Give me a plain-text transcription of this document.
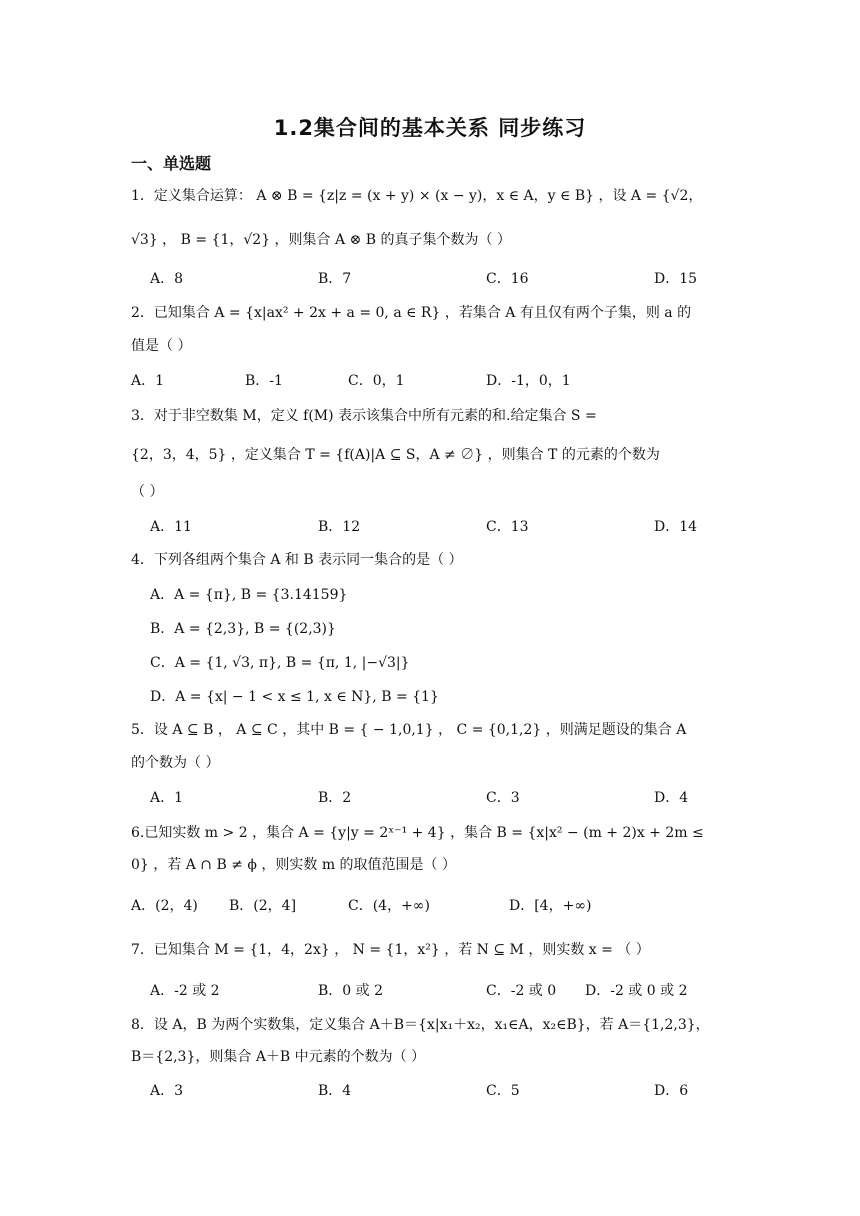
1.2集合间的基本关系 同步练习
一、单选题
1．定义集合运算： A ⊗ B = {z|z = (x + y) × (x − y)，x ∈ A，y ∈ B} ，设 A = {√2，
√3} ， B = {1，√2} ，则集合 A ⊗ B 的真子集个数为（ ）
A．8	B．7	C．16	D．15
2．已知集合 A = {x|ax² + 2x + a = 0, a ∈ R} ，若集合 A 有且仅有两个子集，则 a 的
值是（ ）
A．1	B．-1	C．0，1	D．-1，0，1
3．对于非空数集 M，定义 f(M) 表示该集合中所有元素的和.给定集合 S =
{2，3，4，5} ，定义集合 T = {f(A)|A ⊆ S，A ≠ ∅} ，则集合 T 的元素的个数为
（ ）
A．11	B．12	C．13	D．14
4．下列各组两个集合 A 和 B 表示同一集合的是（ ）
A．A = {π}, B = {3.14159}
B．A = {2,3}, B = {(2,3)}
C．A = {1, √3, π}, B = {π, 1, |−√3|}
D．A = {x| − 1 < x ≤ 1, x ∈ N}, B = {1}
5．设 A ⊆ B ， A ⊆ C ，其中 B = { − 1,0,1} ， C = {0,1,2} ，则满足题设的集合 A
的个数为（ ）
A．1	B．2	C．3	D．4
6.已知实数 m > 2 ，集合 A = {y|y = 2ˣ⁻¹ + 4} ，集合 B = {x|x² − (m + 2)x + 2m ≤
0} ，若 A ∩ B ≠ ϕ ，则实数 m 的取值范围是（ ）
A．(2，4) B．(2，4]	C．(4，+∞)	D．[4，+∞)
7．已知集合 M = {1，4，2x} ， N = {1，x²} ，若 N ⊆ M ，则实数 x = （ ）
A．-2 或 2	B．0 或 2	C．-2 或 0 D．-2 或 0 或 2
8．设 A，B 为两个实数集，定义集合 A＋B＝{x|x₁＋x₂，x₁∈A，x₂∈B}，若 A＝{1,2,3}，
B＝{2,3}，则集合 A＋B 中元素的个数为（ ）
A．3	B．4	C．5	D．6
